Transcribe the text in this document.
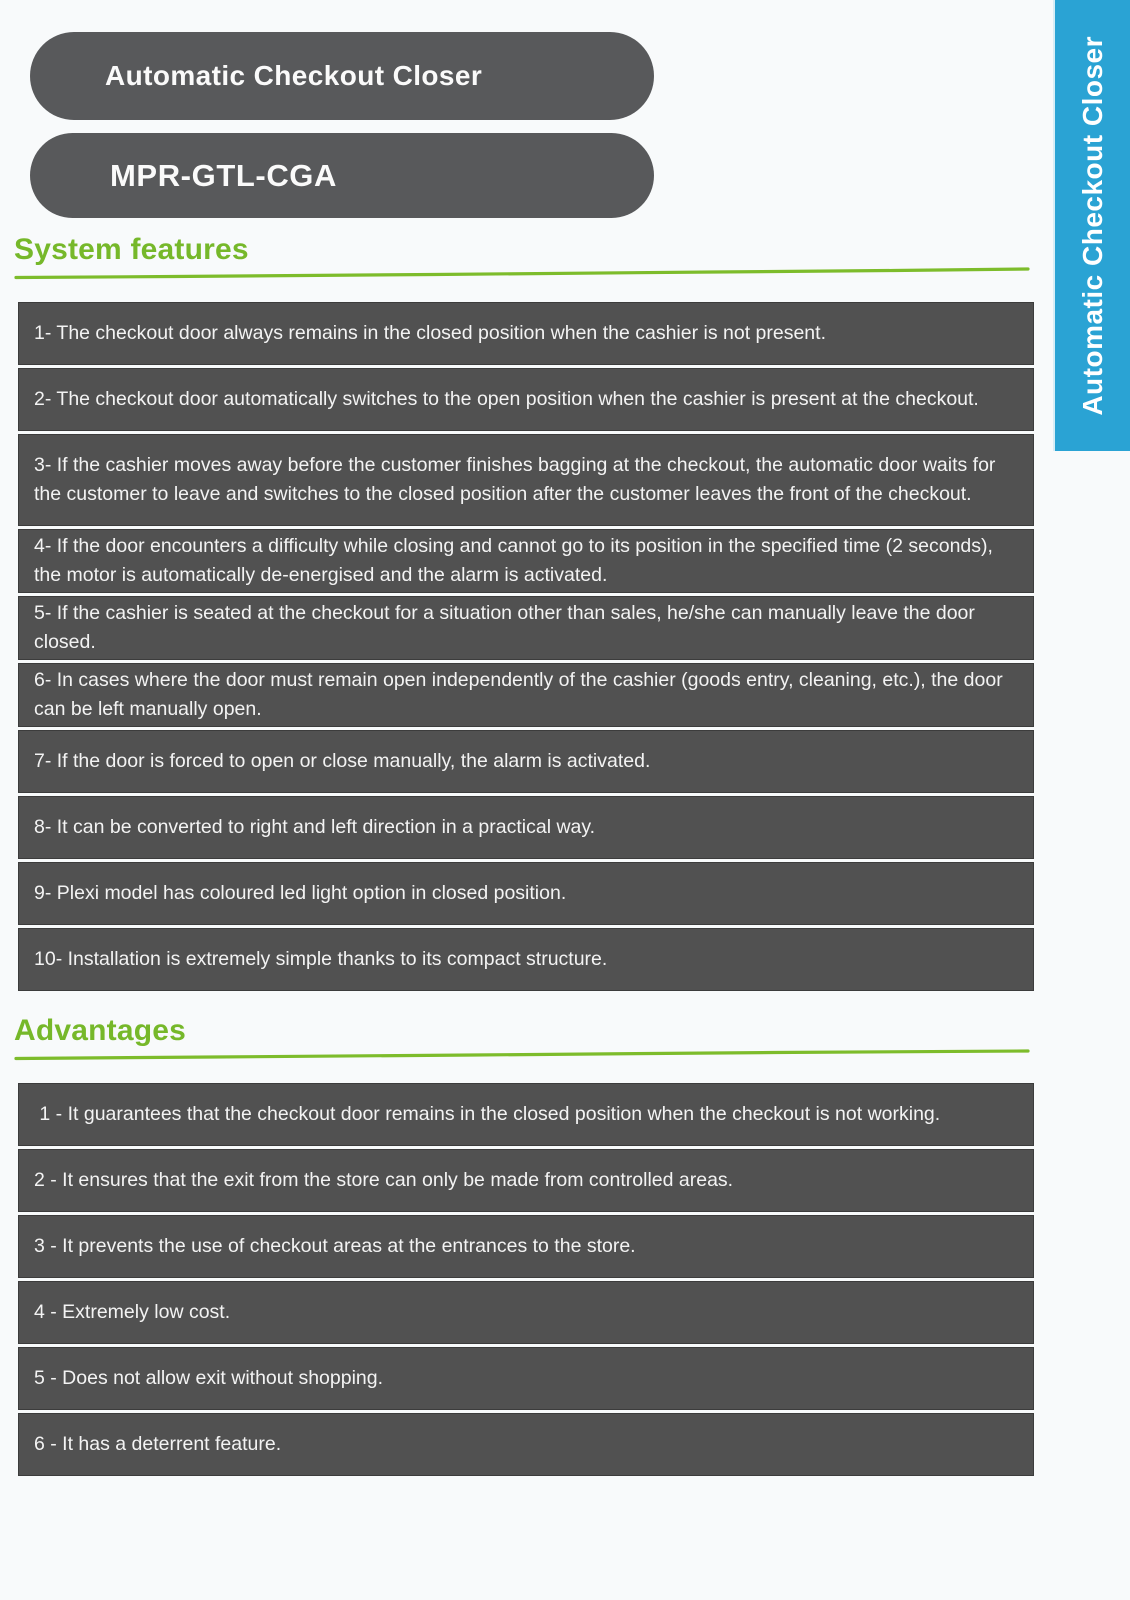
Automatic Checkout Closer
Automatic Checkout Closer
MPR-GTL-CGA
System features
1- The checkout door always remains in the closed position when the cashier is not present.
2- The checkout door automatically switches to the open position when the cashier is present at the checkout.
3- If the cashier moves away before the customer finishes bagging at the checkout, the automatic door waits for the customer to leave and switches to the closed position after the customer leaves the front of the checkout.
4- If the door encounters a difficulty while closing and cannot go to its position in the specified time (2 seconds), the motor is automatically de-energised and the alarm is activated.
5- If the cashier is seated at the checkout for a situation other than sales, he/she can manually leave the door closed.
6- In cases where the door must remain open independently of the cashier (goods entry, cleaning, etc.), the door can be left manually open.
7- If the door is forced to open or close manually, the alarm is activated.
8- It can be converted to right and left direction in a practical way.
9- Plexi model has coloured led light option in closed position.
10- Installation is extremely simple thanks to its compact structure.
Advantages
1 - It guarantees that the checkout door remains in the closed position when the checkout is not working.
2 - It ensures that the exit from the store can only be made from controlled areas.
3 - It prevents the use of checkout areas at the entrances to the store.
4 - Extremely low cost.
5 - Does not allow exit without shopping.
6 - It has a deterrent feature.
